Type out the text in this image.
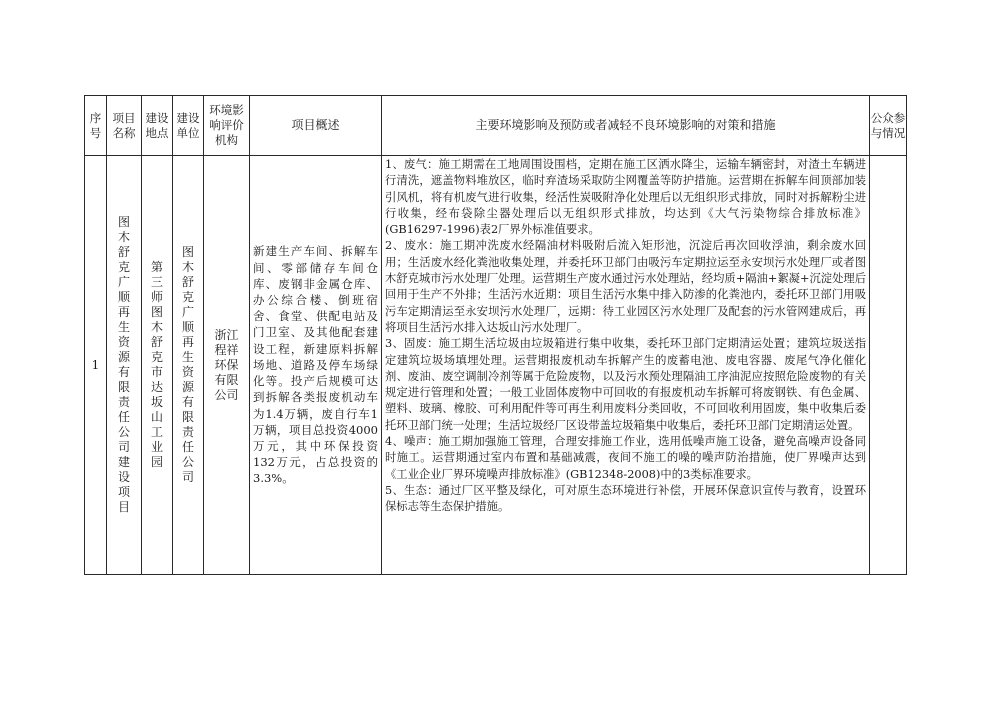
序号	项目名称	建设地点	建设单位	环境影响评价机构	项目概述	主要环境影响及预防或者减轻不良环境影响的对策和措施	公众参与情况
1	图木舒克广顺再生资源有限责任公司建设项目	第三师图木舒克市达坂山工业园	图木舒克广顺再生资源有限责任公司	浙江程祥环保有限公司	新建生产车间、拆解车间、零部储存车间仓库、废钢非金属仓库、办公综合楼、倒班宿舍、食堂、供配电站及门卫室、及其他配套建设工程，新建原料拆解场地、道路及停车场绿化等。投产后规模可达到拆解各类报废机动车为1.4万辆，废自行车1万辆，项目总投资4000万元，其中环保投资132万元，占总投资的3.3%。	1、废气：施工期需在工地周围设围档，定期在施工区洒水降尘，运输车辆密封，对渣土车辆进行清洗，遮盖物料堆放区，临时弃渣场采取防尘网覆盖等防护措施。运营期在拆解车间顶部加装引风机，将有机废气进行收集，经活性炭吸附净化处理后以无组织形式排放，同时对拆解粉尘进行收集，经布袋除尘器处理后以无组织形式排放，均达到《大气污染物综合排放标准》(GB16297-1996)表2厂界外标准值要求。

2、废水：施工期冲洗废水经隔油材料吸附后流入矩形池，沉淀后再次回收浮油，剩余废水回用；生活废水经化粪池收集处理，并委托环卫部门由吸污车定期拉运至永安坝污水处理厂或者图木舒克城市污水处理厂处理。运营期生产废水通过污水处理站，经均质+隔油+絮凝+沉淀处理后回用于生产不外排；生活污水近期：项目生活污水集中排入防渗的化粪池内，委托环卫部门用吸污车定期清运至永安坝污水处理厂，远期：待工业园区污水处理厂及配套的污水管网建成后，再将项目生活污水排入达坂山污水处理厂。

3、固废：施工期生活垃圾由垃圾箱进行集中收集，委托环卫部门定期清运处置；建筑垃圾送指定建筑垃圾场填埋处理。运营期报废机动车拆解产生的废蓄电池、废电容器、废尾气净化催化剂、废油、废空调制冷剂等属于危险废物，以及污水预处理隔油工序油泥应按照危险废物的有关规定进行管理和处置；一般工业固体废物中可回收的有报废机动车拆解可将废钢铁、有色金属、塑料、玻璃、橡胶、可利用配件等可再生利用废料分类回收，不可回收利用固废，集中收集后委托环卫部门统一处理；生活垃圾经厂区设带盖垃圾箱集中收集后，委托环卫部门定期清运处置。

4、噪声：施工期加强施工管理，合理安排施工作业，选用低噪声施工设备，避免高噪声设备同时施工。运营期通过室内布置和基础减震，夜间不施工的噪的噪声防治措施，使厂界噪声达到《工业企业厂界环境噪声排放标准》(GB12348-2008)中的3类标准要求。

5、生态：通过厂区平整及绿化，可对原生态环境进行补偿，开展环保意识宣传与教育，设置环保标志等生态保护措施。	
